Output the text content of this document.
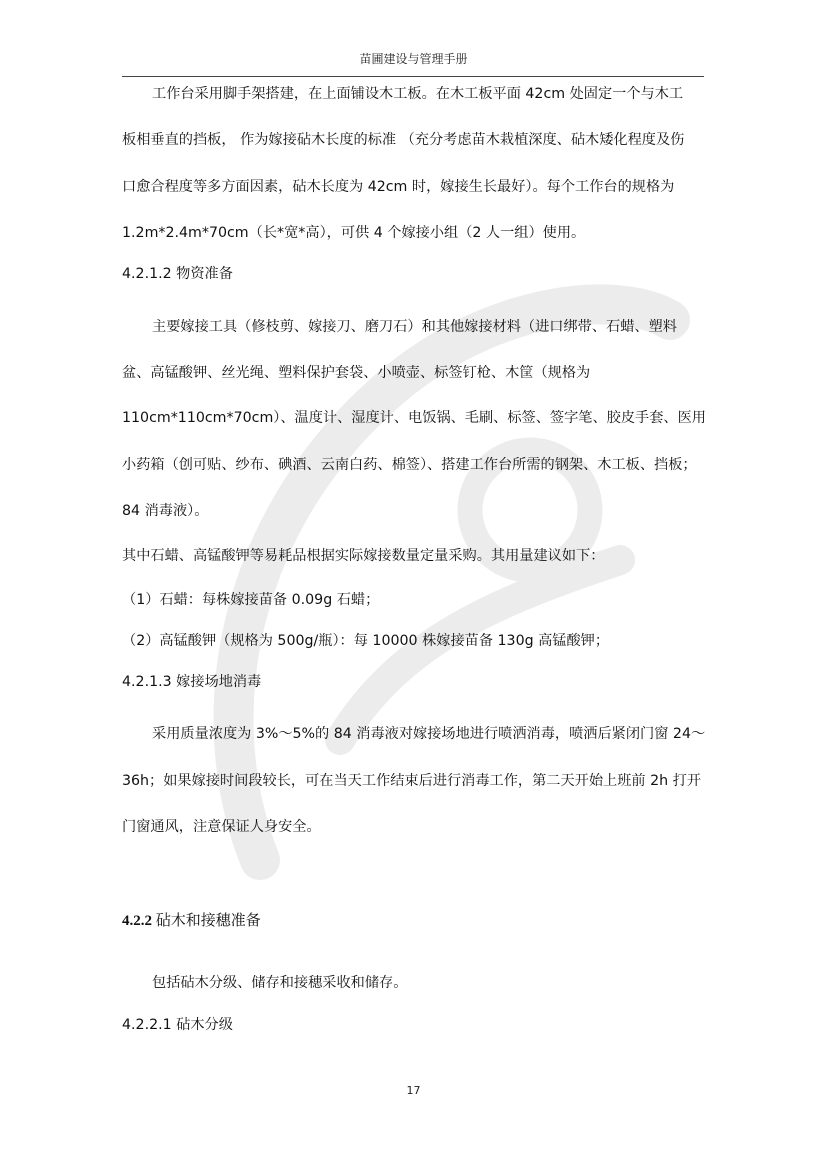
苗圃建设与管理手册
工作台采用脚手架搭建，在上面铺设木工板。在木工板平面 42cm 处固定一个与木工
板相垂直的挡板， 作为嫁接砧木长度的标准 （充分考虑苗木栽植深度、砧木矮化程度及伤
口愈合程度等多方面因素，砧木长度为 42cm 时，嫁接生长最好）。每个工作台的规格为
1.2m*2.4m*70cm（长*宽*高），可供 4 个嫁接小组（2 人一组）使用。
4.2.1.2 物资准备
主要嫁接工具（修枝剪、嫁接刀、磨刀石）和其他嫁接材料（进口绑带、石蜡、塑料
盆、高锰酸钾、丝光绳、塑料保护套袋、小喷壶、标签钉枪、木筐（规格为
110cm*110cm*70cm）、温度计、湿度计、电饭锅、毛刷、标签、签字笔、胶皮手套、医用
小药箱（创可贴、纱布、碘酒、云南白药、棉签）、搭建工作台所需的钢架、木工板、挡板；
84 消毒液）。
其中石蜡、高锰酸钾等易耗品根据实际嫁接数量定量采购。其用量建议如下：
（1）石蜡：每株嫁接苗备 0.09g 石蜡；
（2）高锰酸钾（规格为 500g/瓶）：每 10000 株嫁接苗备 130g 高锰酸钾；
4.2.1.3 嫁接场地消毒
采用质量浓度为 3%～5%的 84 消毒液对嫁接场地进行喷洒消毒，喷洒后紧闭门窗 24～
36h；如果嫁接时间段较长，可在当天工作结束后进行消毒工作，第二天开始上班前 2h 打开
门窗通风，注意保证人身安全。
4.2.2 砧木和接穗准备
包括砧木分级、储存和接穗采收和储存。
4.2.2.1 砧木分级
17
